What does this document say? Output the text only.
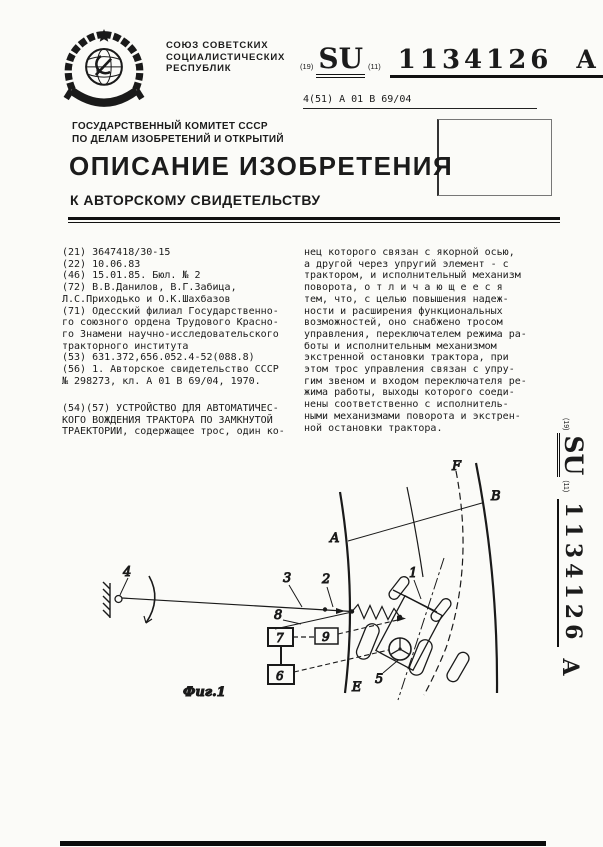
СОЮЗ СОВЕТСКИХ
СОЦИАЛИСТИЧЕСКИХ
РЕСПУБЛИК	(19) SU (11) 1134126 A
4(51) А 01 В 69/04
ГОСУДАРСТВЕННЫЙ КОМИТЕТ СССР
ПО ДЕЛАМ ИЗОБРЕТЕНИЙ И ОТКРЫТИЙ
ОПИСАНИЕ ИЗОБРЕТЕНИЯ
К АВТОРСКОМУ СВИДЕТЕЛЬСТВУ
(21) 3647418/30-15
(22) 10.06.83
(46) 15.01.85. Бюл. № 2
(72) В.В.Данилов, В.Г.Забица,
Л.С.Приходько и О.К.Шахбазов
(71) Одесский филиал Государственно-
го союзного ордена Трудового Красно-
го Знамени научно-исследовательского
тракторного института
(53) 631.372,656.052.4-52(088.8)
(56) 1. Авторское свидетельство СССР
№ 298273, кл. А 01 В 69/04, 1970.
(54)(57) УСТРОЙСТВО ДЛЯ АВТОМАТИЧЕС-
КОГО ВОЖДЕНИЯ ТРАКТОРА ПО ЗАМКНУТОЙ
ТРАЕКТОРИИ, содержащее трос, один ко-
нец которого связан с якорной осью,
а другой через упругий элемент - с
трактором, и исполнительный механизм
поворота, о т л и ч а ю щ е е с я
тем, что, с целью повышения надеж-
ности и расширения функциональных
возможностей, оно снабжено тросом
управления, переключателем режима ра-
боты и исполнительным механизмом
экстренной остановки трактора, при
этом трос управления связан с упру-
гим звеном и входом переключателя ре-
жима работы, выходы которого соеди-
нены соответственно с исполнитель-
ными механизмами поворота и экстрен-
ной остановки трактора.	(19)
SU
(11)
1134126
A
4	3 2
8
7	9
6
1
5
A
B
E
F
Фиг.1
